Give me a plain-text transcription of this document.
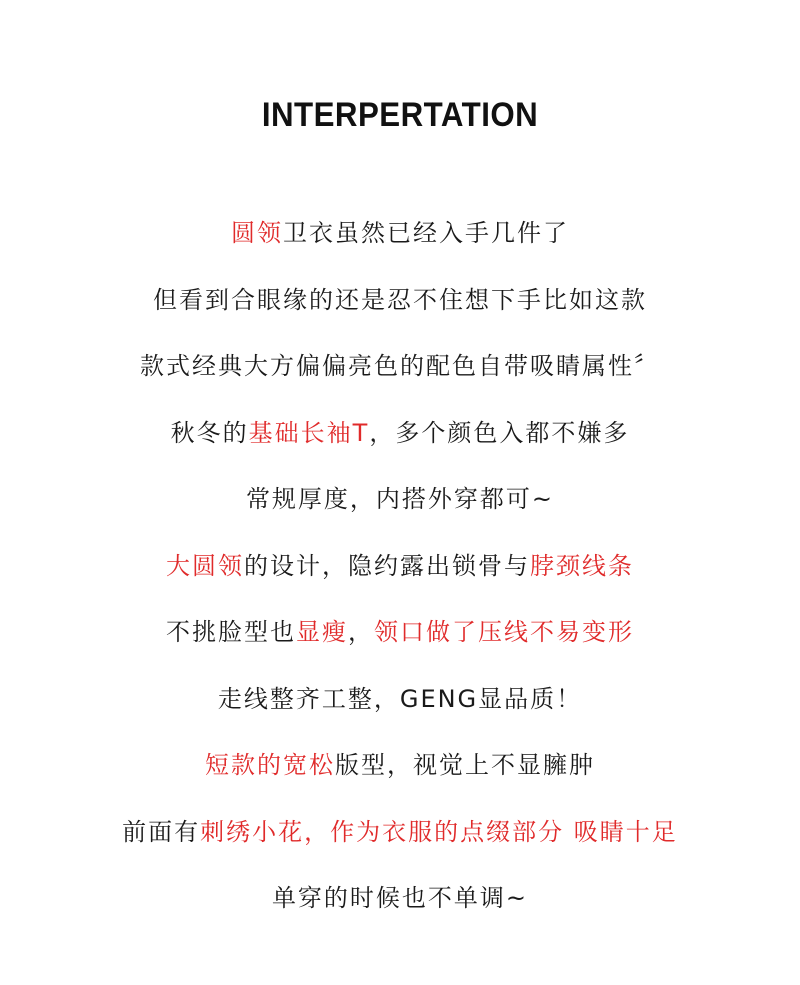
INTERPERTATION
圆领卫衣虽然已经入手几件了
但看到合眼缘的还是忍不住想下手比如这款
款式经典大方偏偏亮色的配色自带吸睛属性〞
秋冬的基础长袖T，多个颜色入都不嫌多
常规厚度，内搭外穿都可~
大圆领的设计，隐约露出锁骨与脖颈线条
不挑脸型也显瘦，领口做了压线不易变形
走线整齐工整，GENG显品质！
短款的宽松版型，视觉上不显臃肿
前面有刺绣小花，作为衣服的点缀部分 吸睛十足
单穿的时候也不单调~
